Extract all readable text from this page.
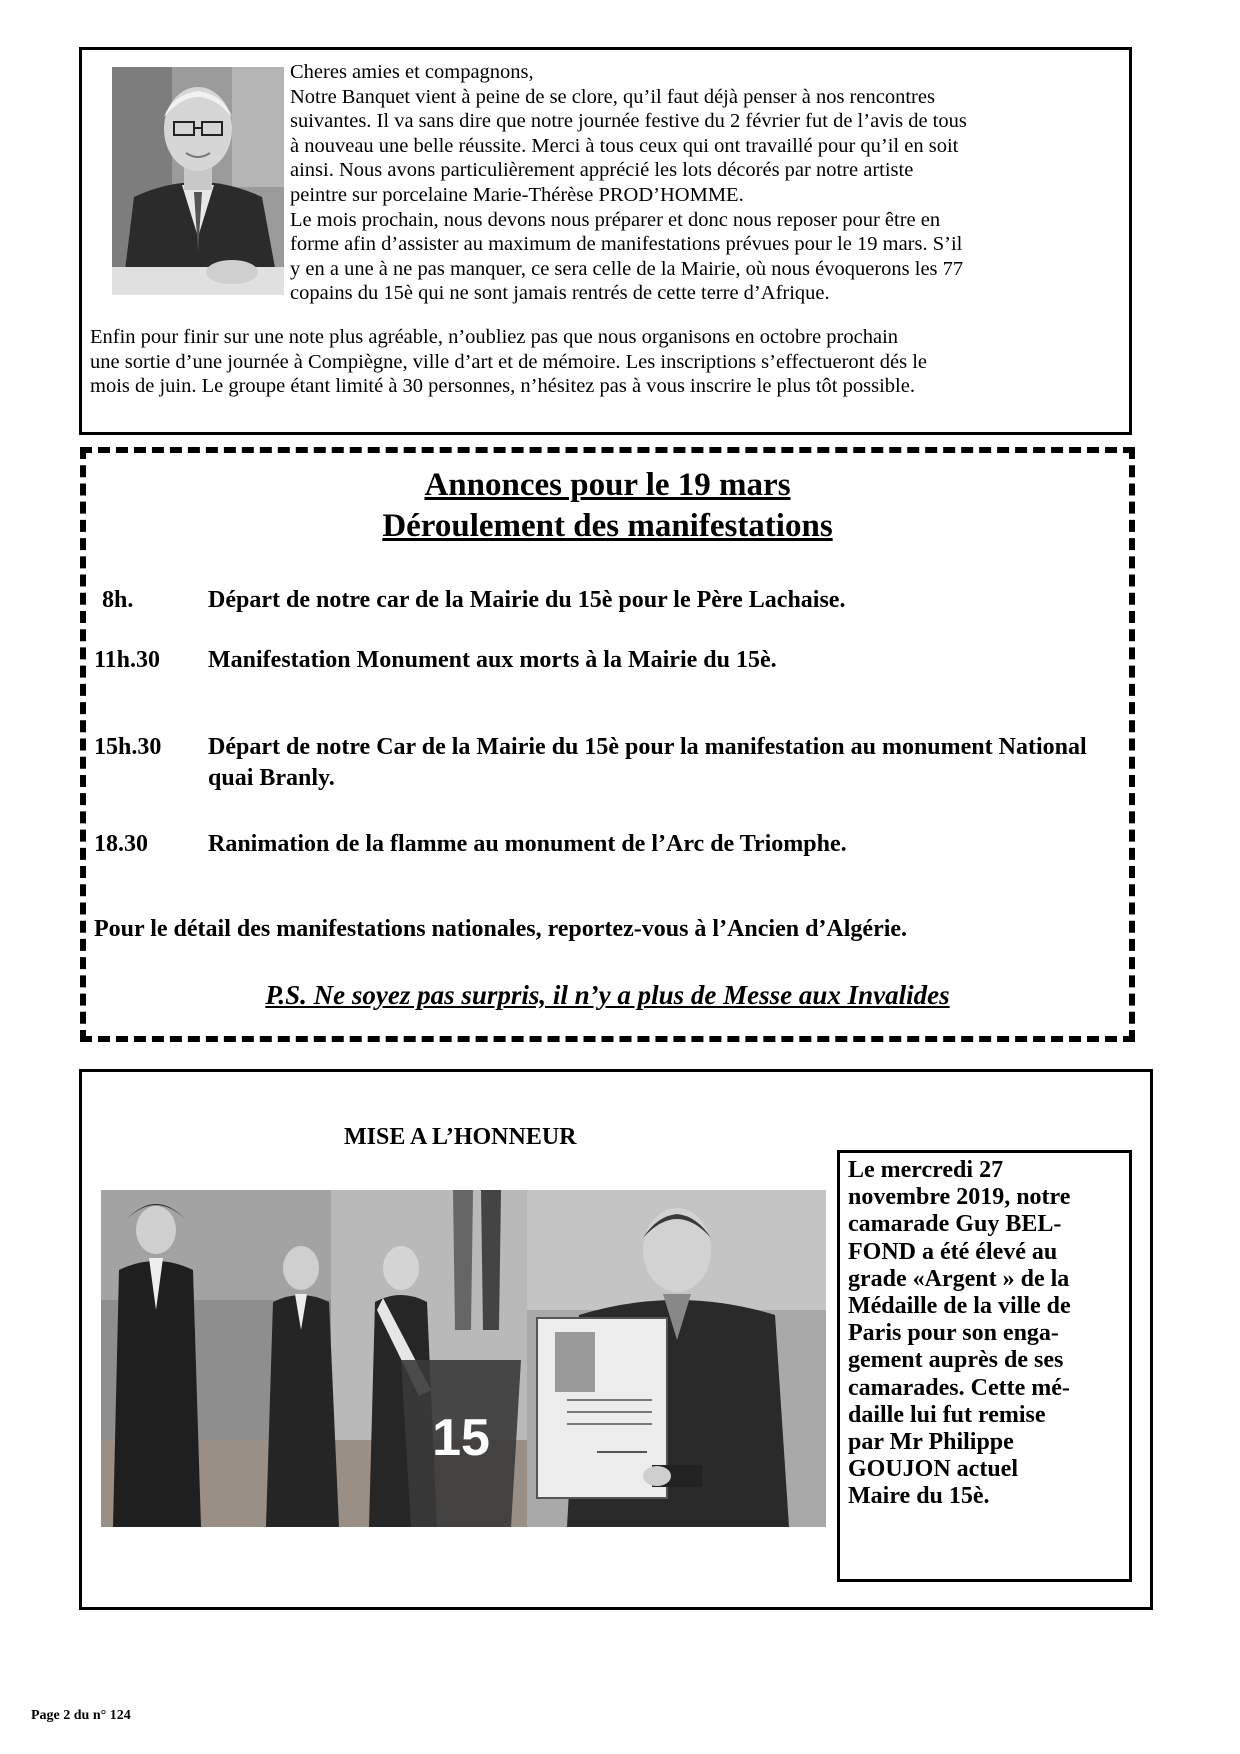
Cheres amies et compagnons,
Notre Banquet vient à peine de se clore, qu’il faut déjà penser à nos rencontres
suivantes. Il va sans dire que notre journée festive du 2 février fut de l’avis de tous
à nouveau une belle réussite. Merci à tous ceux qui ont travaillé pour qu’il en soit
ainsi. Nous avons particulièrement apprécié les lots décorés par notre artiste
peintre sur porcelaine Marie-Thérèse PROD’HOMME.
Le mois prochain, nous devons nous préparer et donc nous reposer pour être en
forme afin d’assister au maximum de manifestations prévues pour le 19 mars. S’il
y en a une à ne pas manquer, ce sera celle de la Mairie, où nous évoquerons les 77
copains du 15è qui ne sont jamais rentrés de cette terre d’Afrique.
Enfin pour finir sur une note plus agréable, n’oubliez pas que nous organisons en octobre prochain
une sortie d’une journée à Compiègne, ville d’art et de mémoire. Les inscriptions s’effectueront dés le
mois de juin. Le groupe étant limité à 30 personnes, n’hésitez pas à vous inscrire le plus tôt possible.
Annonces pour le 19 mars
Déroulement des manifestations
8h.	Départ de notre car de la Mairie du 15è pour le Père Lachaise.
11h.30 Manifestation Monument aux morts à la Mairie du 15è.
15h.30 Départ de notre Car de la Mairie du 15è pour la manifestation au monument National quai Branly.
18.30	Ranimation de la flamme au monument de l’Arc de Triomphe.
Pour le détail des manifestations nationales, reportez-vous à l’Ancien d’Algérie.
P.S. Ne soyez pas surpris, il n’y a plus de Messe aux Invalides
MISE A L’HONNEUR
15
Le mercredi 27
novembre 2019, notre
camarade Guy BEL-
FOND a été élevé au
grade «Argent » de la
Médaille de la ville de
Paris pour son enga-
gement auprès de ses
camarades. Cette mé-
daille lui fut remise
par Mr Philippe
GOUJON actuel
Maire du 15è.
Page 2 du n° 124
